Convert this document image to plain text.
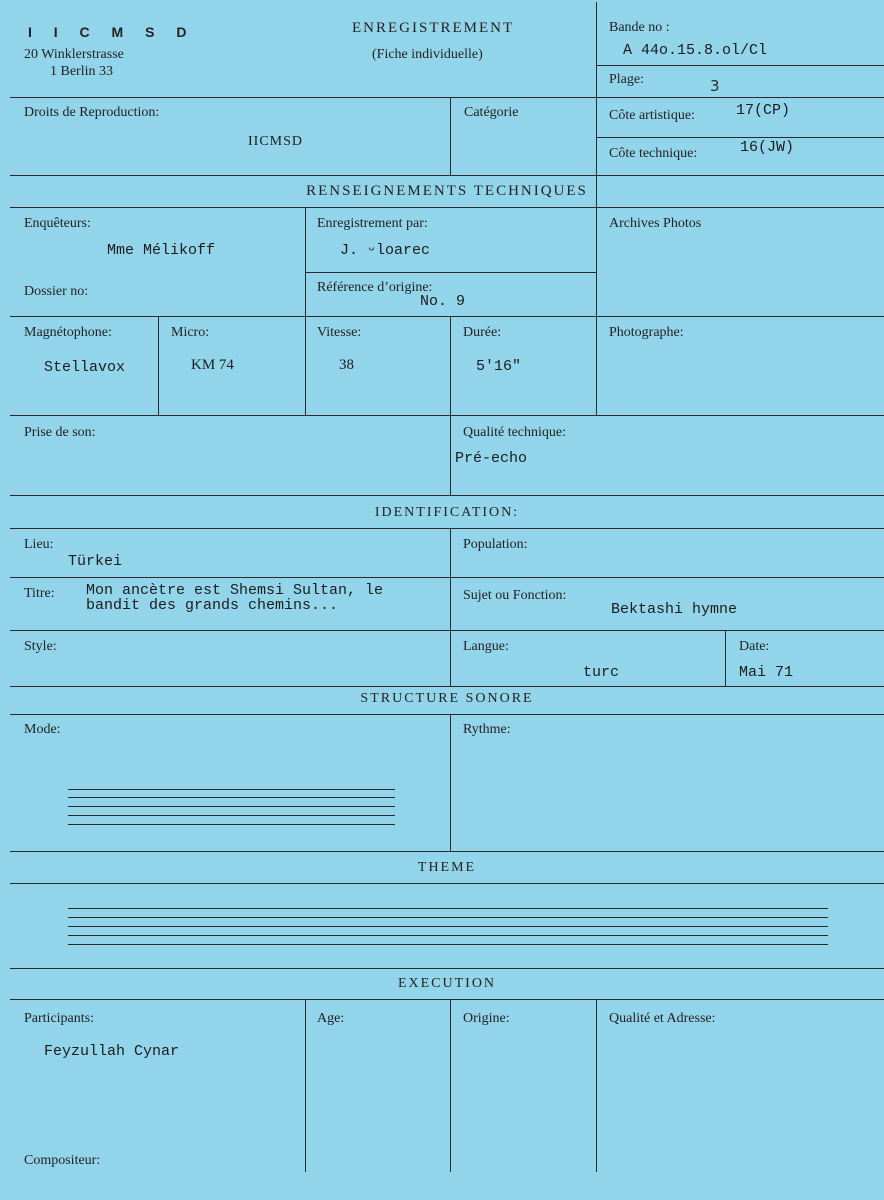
I I C M S D
20 Winklerstrasse
1 Berlin 33
ENREGISTREMENT
(Fiche individuelle)
Bande no :
A 44o.15.8.ol/Cl
Plage:	3
Droits de Reproduction:
IICMSD
Catégorie	Côte artistique:	17(CP)
Côte technique:	16(JW)
RENSEIGNEMENTS TECHNIQUES
Enquêteurs:
Mme Mélikoff
Enregistrement par:
J. ᵕloarec
Archives Photos
Dossier no:	Référence d’origine:
No. 9
Magnétophone:
Stellavox
Micro:
KM 74
Vitesse:
38
Durée:
5'16"
Photographe:
Prise de son:	Qualité technique:
Pré-echo
IDENTIFICATION:
Lieu:
Türkei
Population:
Titre: Mon ancètre est Shemsi Sultan, le
bandit des grands chemins...
Sujet ou Fonction:
Bektashi hymne
Style:	Langue:
turc
Date:
Mai 71
STRUCTURE SONORE
Mode:	Rythme:
THEME
EXECUTION
Participants:
Feyzullah Cynar
Age:	Origine:	Qualité et Adresse:
Compositeur:
